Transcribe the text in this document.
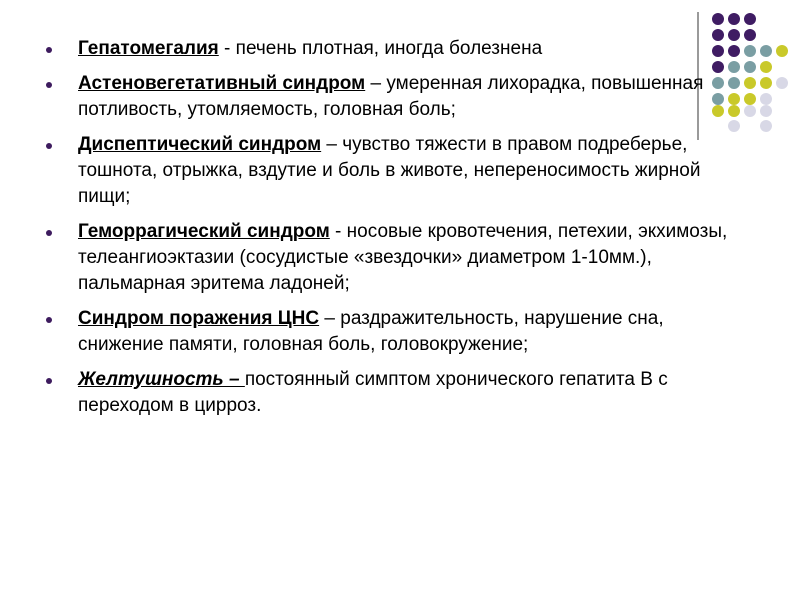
Гепатомегалия - печень плотная, иногда болезнена
Астеновегетативный синдром – умеренная лихорадка, повышенная потливость, утомляемость, головная боль;
Диспептический синдром – чувство тяжести в правом подреберье, тошнота, отрыжка, вздутие и боль в животе, непереносимость жирной пищи;
Геморрагический синдром - носовые кровотечения, петехии, экхимозы, телеангиоэктазии (сосудистые «звездочки» диаметром 1-10мм.), пальмарная эритема ладоней;
Синдром поражения ЦНС – раздражительность, нарушение сна, снижение памяти, головная боль, головокружение;
Желтушность – постоянный симптом хронического гепатита В с переходом в цирроз.
